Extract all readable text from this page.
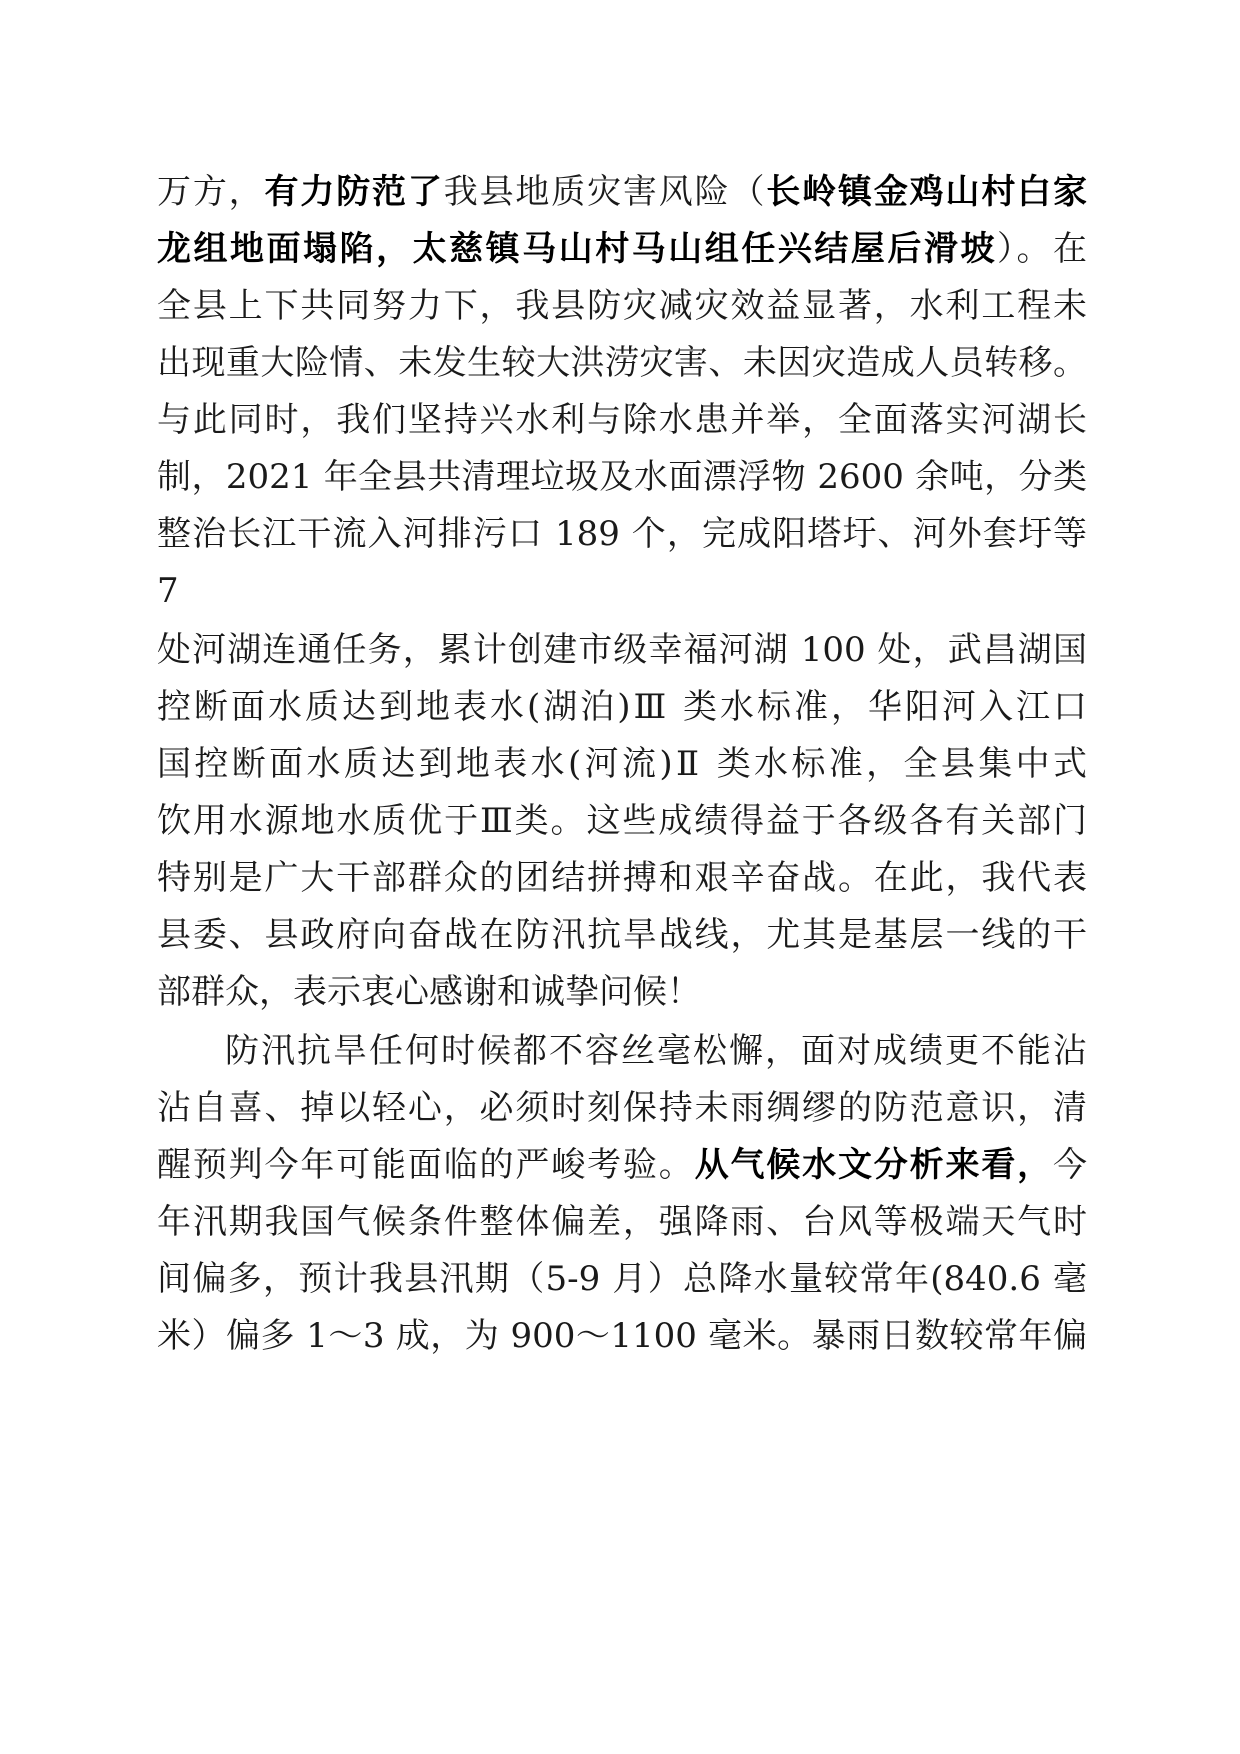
万方，有力防范了我县地质灾害风险（长岭镇金鸡山村白家

龙组地面塌陷，太慈镇马山村马山组任兴结屋后滑坡）。在

全县上下共同努力下，我县防灾减灾效益显著，水利工程未

出现重大险情、未发生较大洪涝灾害、未因灾造成人员转移。

与此同时，我们坚持兴水利与除水患并举，全面落实河湖长

制，2021 年全县共清理垃圾及水面漂浮物 2600 余吨，分类

整治长江干流入河排污口 189 个，完成阳塔圩、河外套圩等

7

处河湖连通任务，累计创建市级幸福河湖 100 处，武昌湖国

控断面水质达到地表水(湖泊)Ⅲ 类水标准，华阳河入江口

国控断面水质达到地表水(河流)Ⅱ 类水标准，全县集中式

饮用水源地水质优于Ⅲ类。这些成绩得益于各级各有关部门

特别是广大干部群众的团结拼搏和艰辛奋战。在此，我代表

县委、县政府向奋战在防汛抗旱战线，尤其是基层一线的干

部群众，表示衷心感谢和诚挚问候！

防汛抗旱任何时候都不容丝毫松懈，面对成绩更不能沾

沾自喜、掉以轻心，必须时刻保持未雨绸缪的防范意识，清

醒预判今年可能面临的严峻考验。从气候水文分析来看，今

年汛期我国气候条件整体偏差，强降雨、台风等极端天气时

间偏多，预计我县汛期（5-9 月）总降水量较常年(840.6 毫

米）偏多 1～3 成，为 900～1100 毫米。暴雨日数较常年偏
